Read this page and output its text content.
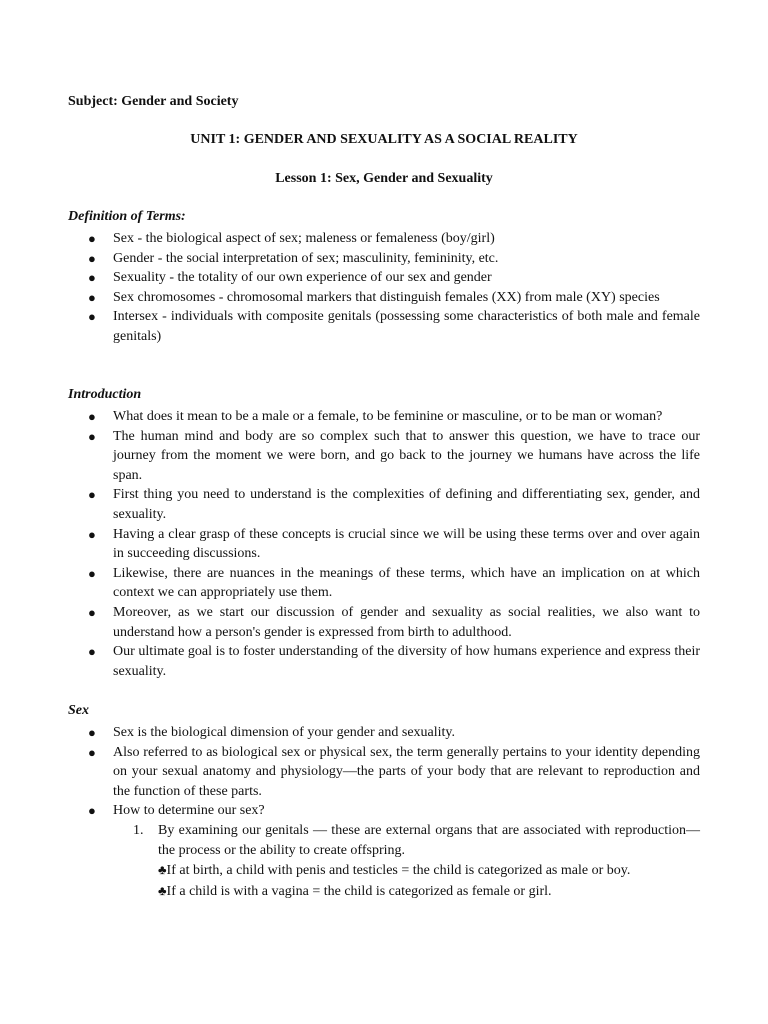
Subject: Gender and Society
UNIT 1: GENDER AND SEXUALITY AS A SOCIAL REALITY
Lesson 1: Sex, Gender and Sexuality
Definition of Terms:
● Sex - the biological aspect of sex; maleness or femaleness (boy/girl)
● Gender - the social interpretation of sex; masculinity, femininity, etc.
● Sexuality - the totality of our own experience of our sex and gender
● Sex chromosomes - chromosomal markers that distinguish females (XX) from male (XY) species
● Intersex - individuals with composite genitals (possessing some characteristics of both male and female genitals)
Introduction
● What does it mean to be a male or a female, to be feminine or masculine, or to be man or woman?
● The human mind and body are so complex such that to answer this question, we have to trace our journey from the moment we were born, and go back to the journey we humans have across the life span.
● First thing you need to understand is the complexities of defining and differentiating sex, gender, and sexuality.
● Having a clear grasp of these concepts is crucial since we will be using these terms over and over again in succeeding discussions.
● Likewise, there are nuances in the meanings of these terms, which have an implication on at which context we can appropriately use them.
● Moreover, as we start our discussion of gender and sexuality as social realities, we also want to understand how a person's gender is expressed from birth to adulthood.
● Our ultimate goal is to foster understanding of the diversity of how humans experience and express their sexuality.
Sex
● Sex is the biological dimension of your gender and sexuality.
● Also referred to as biological sex or physical sex, the term generally pertains to your identity depending on your sexual anatomy and physiology—the parts of your body that are relevant to reproduction and the function of these parts.
● How to determine our sex?
1. By examining our genitals — these are external organs that are associated with reproduction—the process or the ability to create offspring.
♣If at birth, a child with penis and testicles = the child is categorized as male or boy.
♣If a child is with a vagina = the child is categorized as female or girl.
